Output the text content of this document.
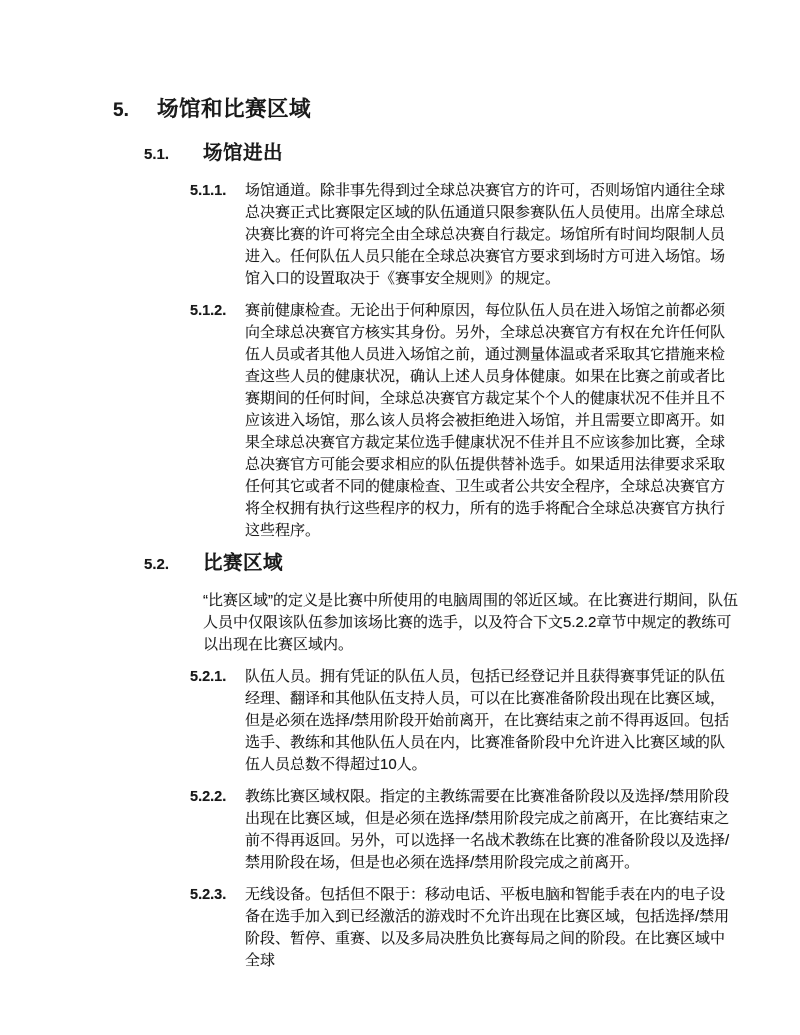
5.	场馆和比赛区域
5.1.	场馆进出
5.1.1.	场馆通道。除非事先得到过全球总决赛官方的许可，否则场馆内通往全球总决赛正式比赛限定区域的队伍通道只限参赛队伍人员使用。出席全球总决赛比赛的许可将完全由全球总决赛自行裁定。场馆所有时间均限制人员进入。任何队伍人员只能在全球总决赛官方要求到场时方可进入场馆。场馆入口的设置取决于《赛事安全规则》的规定。

5.1.2.	赛前健康检查。无论出于何种原因，每位队伍人员在进入场馆之前都必须向全球总决赛官方核实其身份。另外，全球总决赛官方有权在允许任何队伍人员或者其他人员进入场馆之前，通过测量体温或者采取其它措施来检查这些人员的健康状况，确认上述人员身体健康。如果在比赛之前或者比赛期间的任何时间，全球总决赛官方裁定某个个人的健康状况不佳并且不应该进入场馆，那么该人员将会被拒绝进入场馆，并且需要立即离开。如果全球总决赛官方裁定某位选手健康状况不佳并且不应该参加比赛，全球总决赛官方可能会要求相应的队伍提供替补选手。如果适用法律要求采取任何其它或者不同的健康检查、卫生或者公共安全程序，全球总决赛官方将全权拥有执行这些程序的权力，所有的选手将配合全球总决赛官方执行这些程序。

5.2.	比赛区域

“比赛区域”的定义是比赛中所使用的电脑周围的邻近区域。在比赛进行期间，队伍人员中仅限该队伍参加该场比赛的选手，以及符合下文5.2.2章节中规定的教练可以出现在比赛区域内。

5.2.1.	队伍人员。拥有凭证的队伍人员，包括已经登记并且获得赛事凭证的队伍经理、翻译和其他队伍支持人员，可以在比赛准备阶段出现在比赛区域，但是必须在选择/禁用阶段开始前离开，在比赛结束之前不得再返回。包括选手、教练和其他队伍人员在内，比赛准备阶段中允许进入比赛区域的队伍人员总数不得超过10人。

5.2.2.	教练比赛区域权限。指定的主教练需要在比赛准备阶段以及选择/禁用阶段出现在比赛区域，但是必须在选择/禁用阶段完成之前离开，在比赛结束之前不得再返回。另外，可以选择一名战术教练在比赛的准备阶段以及选择/禁用阶段在场，但是也必须在选择/禁用阶段完成之前离开。

5.2.3.	无线设备。包括但不限于：移动电话、平板电脑和智能手表在内的电子设备在选手加入到已经激活的游戏时不允许出现在比赛区域，包括选择/禁用阶段、暂停、重赛、以及多局决胜负比赛每局之间的阶段。在比赛区域中全球
